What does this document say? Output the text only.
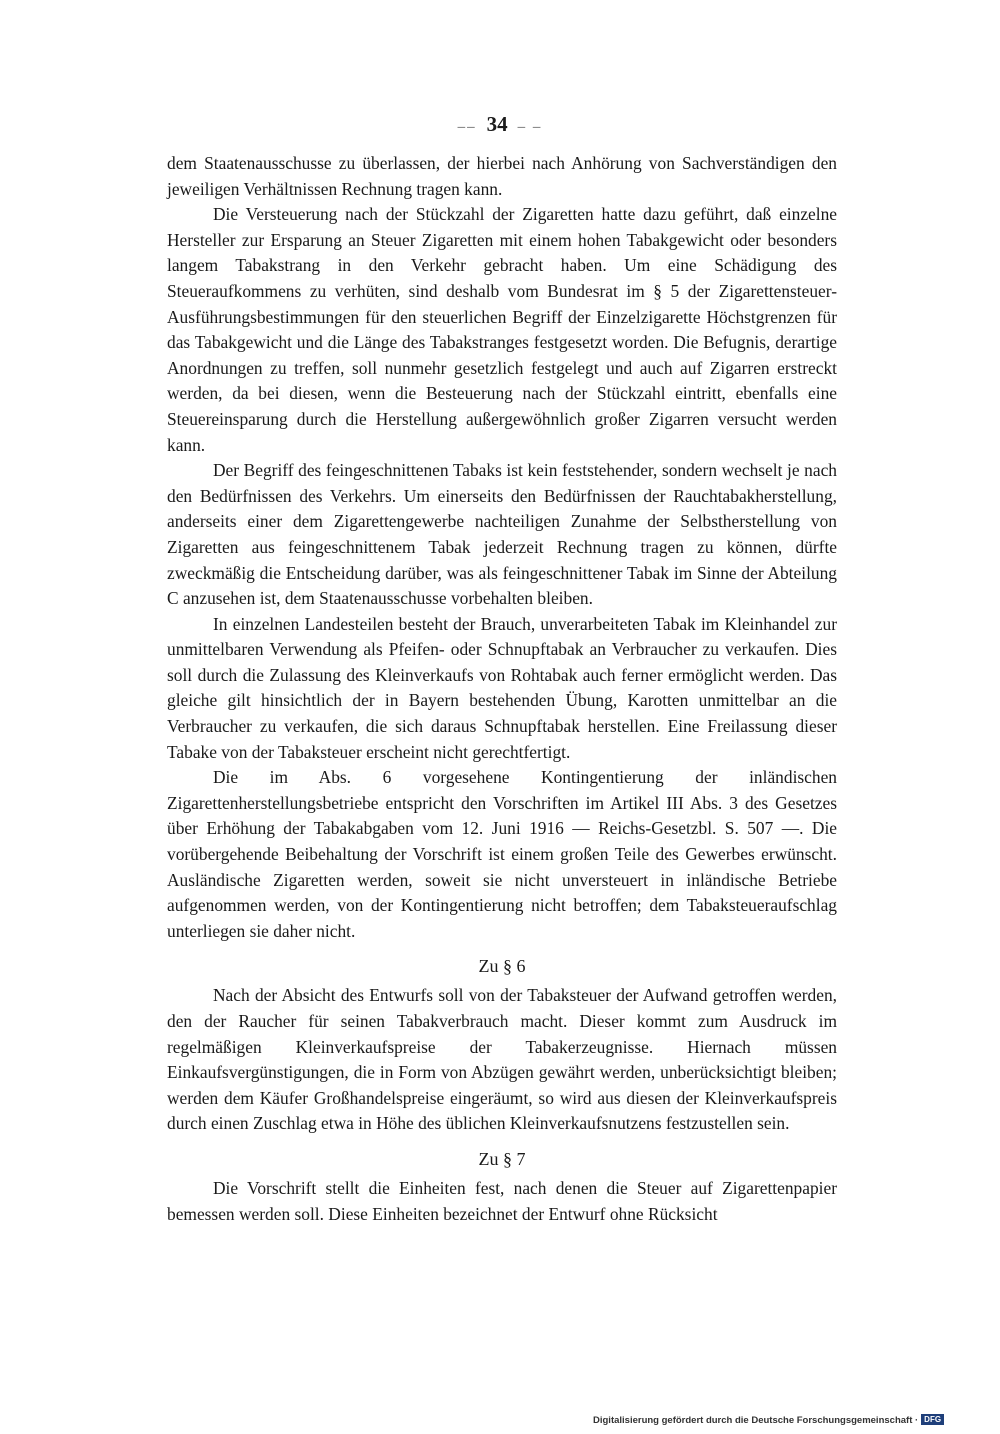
–– 34 – –

dem Staatenausschusse zu überlassen, der hierbei nach Anhörung von Sachverständigen den jeweiligen Verhältnissen Rechnung tragen kann.

Die Versteuerung nach der Stückzahl der Zigaretten hatte dazu geführt, daß einzelne Hersteller zur Ersparung an Steuer Zigaretten mit einem hohen Tabakgewicht oder besonders langem Tabakstrang in den Verkehr gebracht haben. Um eine Schädigung des Steueraufkommens zu verhüten, sind deshalb vom Bundesrat im § 5 der Zigarettensteuer-Ausführungsbestimmungen für den steuerlichen Begriff der Einzelzigarette Höchstgrenzen für das Tabakgewicht und die Länge des Tabakstranges festgesetzt worden. Die Befugnis, derartige Anordnungen zu treffen, soll nunmehr gesetzlich festgelegt und auch auf Zigarren erstreckt werden, da bei diesen, wenn die Besteuerung nach der Stückzahl eintritt, ebenfalls eine Steuereinsparung durch die Herstellung außergewöhnlich großer Zigarren versucht werden kann.

Der Begriff des feingeschnittenen Tabaks ist kein feststehender, sondern wechselt je nach den Bedürfnissen des Verkehrs. Um einerseits den Bedürfnissen der Rauchtabakherstellung, anderseits einer dem Zigarettengewerbe nachteiligen Zunahme der Selbstherstellung von Zigaretten aus feingeschnittenem Tabak jederzeit Rechnung tragen zu können, dürfte zweckmäßig die Entscheidung darüber, was als feingeschnittener Tabak im Sinne der Abteilung C anzusehen ist, dem Staatenausschusse vorbehalten bleiben.

In einzelnen Landesteilen besteht der Brauch, unverarbeiteten Tabak im Kleinhandel zur unmittelbaren Verwendung als Pfeifen- oder Schnupftabak an Verbraucher zu verkaufen. Dies soll durch die Zulassung des Kleinverkaufs von Rohtabak auch ferner ermöglicht werden. Das gleiche gilt hinsichtlich der in Bayern bestehenden Übung, Karotten unmittelbar an die Verbraucher zu verkaufen, die sich daraus Schnupftabak herstellen. Eine Freilassung dieser Tabake von der Tabaksteuer erscheint nicht gerechtfertigt.

Die im Abs. 6 vorgesehene Kontingentierung der inländischen Zigarettenherstellungsbetriebe entspricht den Vorschriften im Artikel III Abs. 3 des Gesetzes über Erhöhung der Tabakabgaben vom 12. Juni 1916 — Reichs-Gesetzbl. S. 507 —. Die vorübergehende Beibehaltung der Vorschrift ist einem großen Teile des Gewerbes erwünscht. Ausländische Zigaretten werden, soweit sie nicht unversteuert in inländische Betriebe aufgenommen werden, von der Kontingentierung nicht betroffen; dem Tabaksteueraufschlag unterliegen sie daher nicht.

Zu § 6

Nach der Absicht des Entwurfs soll von der Tabaksteuer der Aufwand getroffen werden, den der Raucher für seinen Tabakverbrauch macht. Dieser kommt zum Ausdruck im regelmäßigen Kleinverkaufspreise der Tabakerzeugnisse. Hiernach müssen Einkaufsvergünstigungen, die in Form von Abzügen gewährt werden, unberücksichtigt bleiben; werden dem Käufer Großhandelspreise eingeräumt, so wird aus diesen der Kleinverkaufspreis durch einen Zuschlag etwa in Höhe des üblichen Kleinverkaufsnutzens festzustellen sein.

Zu § 7

Die Vorschrift stellt die Einheiten fest, nach denen die Steuer auf Zigarettenpapier bemessen werden soll. Diese Einheiten bezeichnet der Entwurf ohne Rücksicht

Digitalisierung gefördert durch die Deutsche Forschungsgemeinschaft · DFG
